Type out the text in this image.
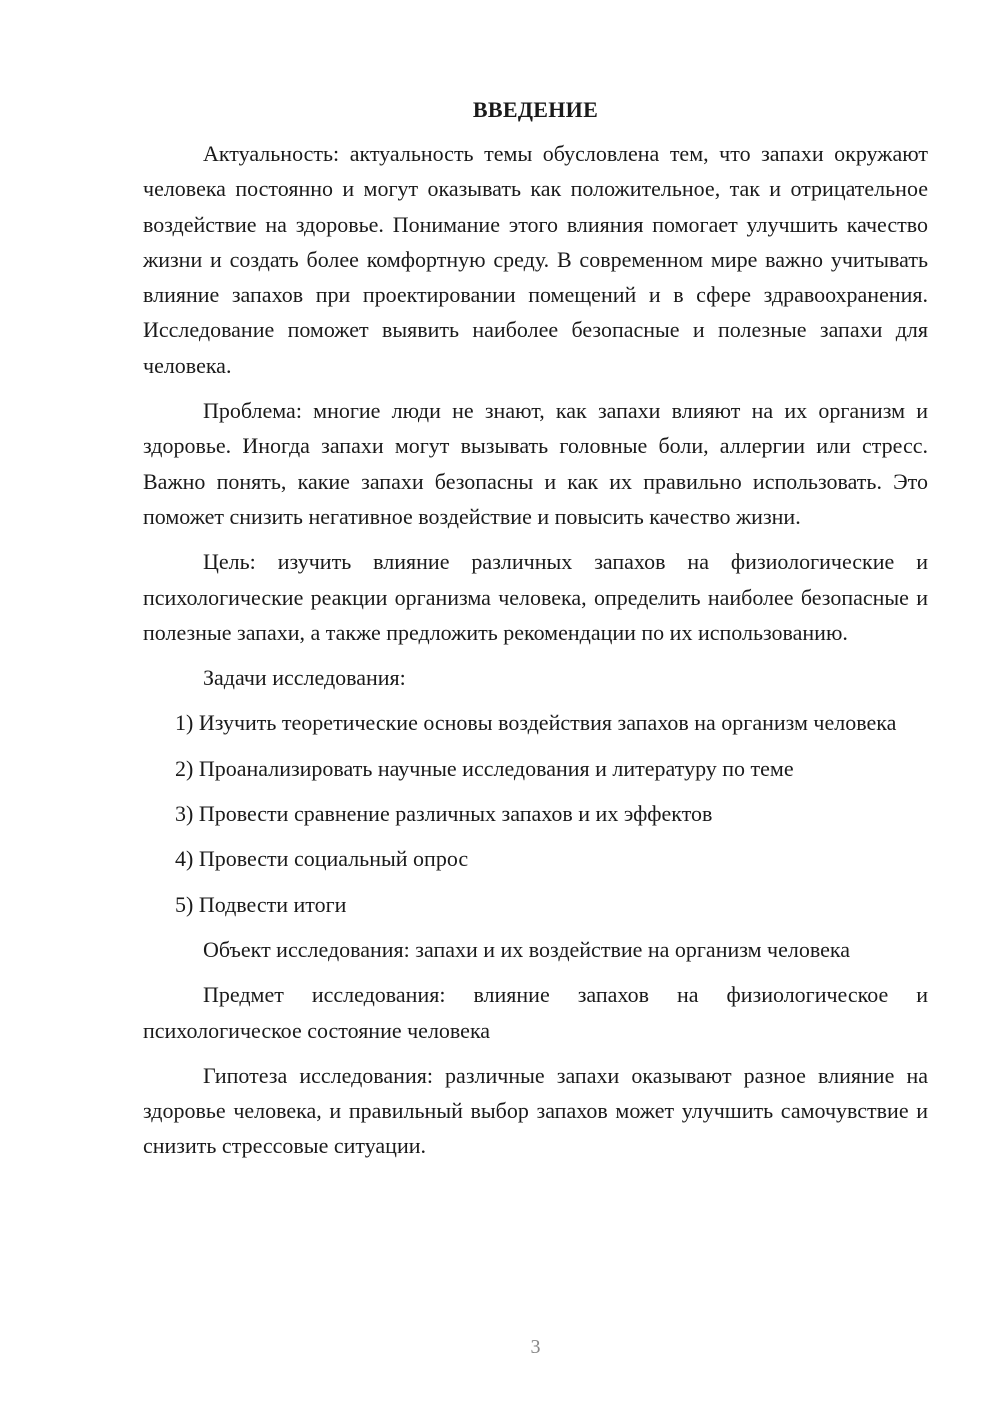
ВВЕДЕНИЕ

Актуальность: актуальность темы обусловлена тем, что запахи окружают человека постоянно и могут оказывать как положительное, так и отрицательное воздействие на здоровье. Понимание этого влияния помогает улучшить качество жизни и создать более комфортную среду. В современном мире важно учитывать влияние запахов при проектировании помещений и в сфере здравоохранения. Исследование поможет выявить наиболее безопасные и полезные запахи для человека.

Проблема: многие люди не знают, как запахи влияют на их организм и здоровье. Иногда запахи могут вызывать головные боли, аллергии или стресс. Важно понять, какие запахи безопасны и как их правильно использовать. Это поможет снизить негативное воздействие и повысить качество жизни.

Цель: изучить влияние различных запахов на физиологические и психологические реакции организма человека, определить наиболее безопасные и полезные запахи, а также предложить рекомендации по их использованию.

Задачи исследования:

1) Изучить теоретические основы воздействия запахов на организм человека

2) Проанализировать научные исследования и литературу по теме

3) Провести сравнение различных запахов и их эффектов

4) Провести социальный опрос

5) Подвести итоги

Объект исследования: запахи и их воздействие на организм человека

Предмет исследования: влияние запахов на физиологическое и психологическое состояние человека

Гипотеза исследования: различные запахи оказывают разное влияние на здоровье человека, и правильный выбор запахов может улучшить самочувствие и снизить стрессовые ситуации.

3
